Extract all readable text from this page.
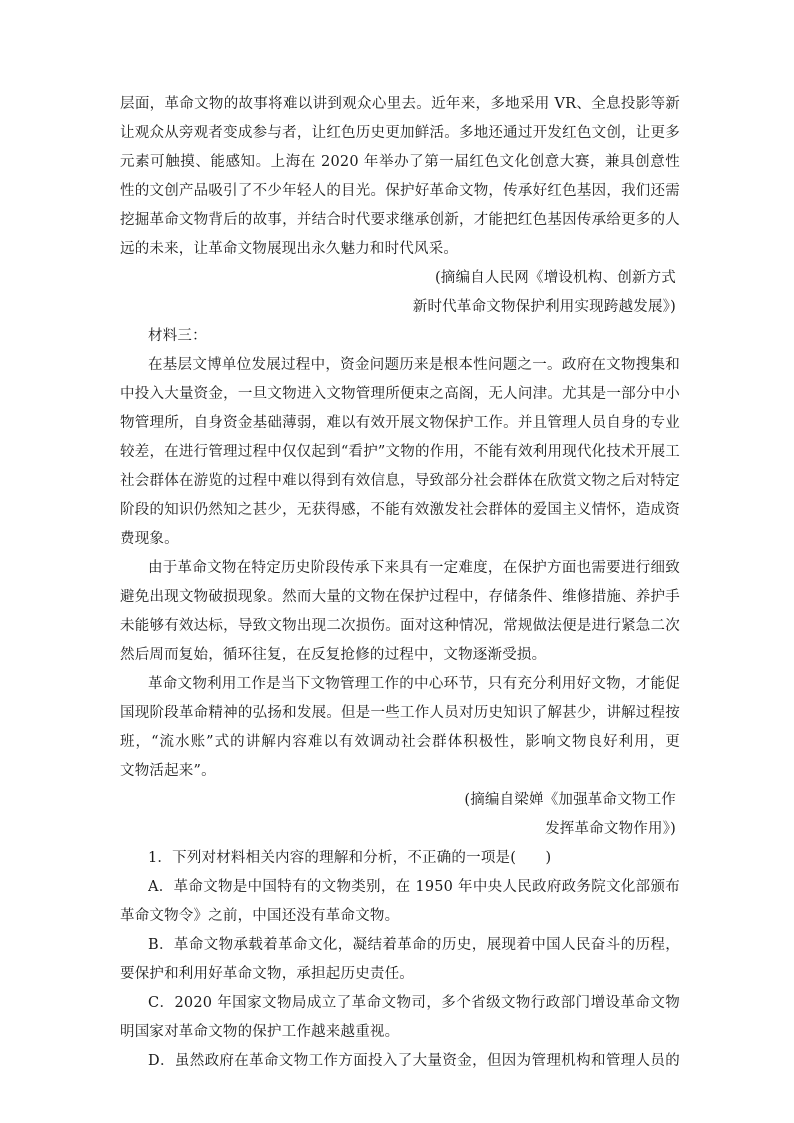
层面，革命文物的故事将难以讲到观众心里去。近年来，多地采用 VR、全息投影等新
让观众从旁观者变成参与者，让红色历史更加鲜活。多地还通过开发红色文创，让更多
元素可触摸、能感知。上海在 2020 年举办了第一届红色文化创意大赛，兼具创意性
性的文创产品吸引了不少年轻人的目光。保护好革命文物，传承好红色基因，我们还需
挖掘革命文物背后的故事，并结合时代要求继承创新，才能把红色基因传承给更多的人
远的未来，让革命文物展现出永久魅力和时代风采。
(摘编自人民网《增设机构、创新方式
新时代革命文物保护利用实现跨越发展》)
材料三：
在基层文博单位发展过程中，资金问题历来是根本性问题之一。政府在文物搜集和
中投入大量资金，一旦文物进入文物管理所便束之高阁，无人问津。尤其是一部分中小
物管理所，自身资金基础薄弱，难以有效开展文物保护工作。并且管理人员自身的专业
较差，在进行管理过程中仅仅起到“看护”文物的作用，不能有效利用现代化技术开展工
社会群体在游览的过程中难以得到有效信息，导致部分社会群体在欣赏文物之后对特定
阶段的知识仍然知之甚少，无获得感，不能有效激发社会群体的爱国主义情怀，造成资
费现象。
由于革命文物在特定历史阶段传承下来具有一定难度，在保护方面也需要进行细致
避免出现文物破损现象。然而大量的文物在保护过程中，存储条件、维修措施、养护手
未能够有效达标，导致文物出现二次损伤。面对这种情况，常规做法便是进行紧急二次
然后周而复始，循环往复，在反复抢修的过程中，文物逐渐受损。
革命文物利用工作是当下文物管理工作的中心环节，只有充分利用好文物，才能促
国现阶段革命精神的弘扬和发展。但是一些工作人员对历史知识了解甚少，讲解过程按
班，“流水账”式的讲解内容难以有效调动社会群体积极性，影响文物良好利用，更
文物活起来”。
(摘编自梁婵《加强革命文物工作
发挥革命文物作用》)
1．下列对材料相关内容的理解和分析，不正确的一项是(　　)
A．革命文物是中国特有的文物类别，在 1950 年中央人民政府政务院文化部颁布
革命文物令》之前，中国还没有革命文物。
B．革命文物承载着革命文化，凝结着革命的历史，展现着中国人民奋斗的历程，
要保护和利用好革命文物，承担起历史责任。
C．2020 年国家文物局成立了革命文物司，多个省级文物行政部门增设革命文物
明国家对革命文物的保护工作越来越重视。
D．虽然政府在革命文物工作方面投入了大量资金，但因为管理机构和管理人员的
